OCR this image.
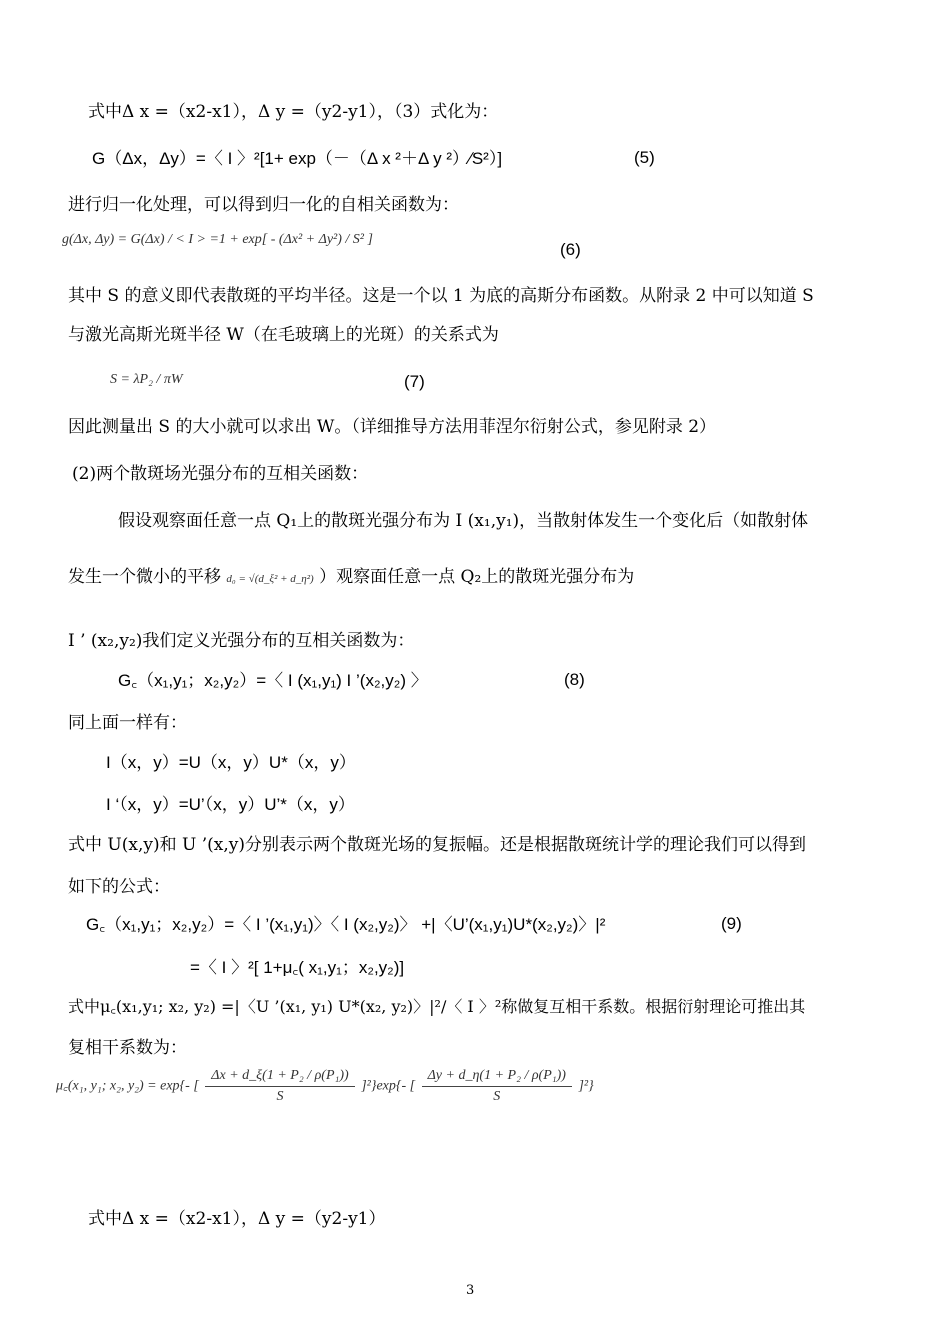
式中Δ x =（x2-x1），Δ y =（y2-y1），（3）式化为：
G（Δx，Δy）=〈 I 〉²[1+ exp（－（Δ x ²＋Δ y ²）∕S²）]	(5)
进行归一化处理，可以得到归一化的自相关函数为：
g(Δx, Δy) = G(Δx) / < I > =1 + exp[ - (Δx² + Δy²) / S² ]
(6)
其中 S 的意义即代表散斑的平均半径。这是一个以 1 为底的高斯分布函数。从附录 2 中可以知道 S
与激光高斯光斑半径 W（在毛玻璃上的光斑）的关系式为
S = λP₂ / πW	(7)
因此测量出 S 的大小就可以求出 W。（详细推导方法用菲涅尔衍射公式，参见附录 2）
(2)两个散斑场光强分布的互相关函数：
假设观察面任意一点 Q₁上的散斑光强分布为 I (x₁,y₁)，当散射体发生一个变化后（如散射体
发生一个微小的平移 d₀ = √(d_ξ² + d_η²) ）观察面任意一点 Q₂上的散斑光强分布为
I ’ (x₂,y₂)我们定义光强分布的互相关函数为：
G꜀（x₁,y₁；x₂,y₂）=〈 I (x₁,y₁) I ’(x₂,y₂) 〉	(8)
同上面一样有：
I（x，y）=U（x，y）U*（x，y）
I ‘（x，y）=U’（x，y）U’*（x，y）
式中 U(x,y)和 U ’(x,y)分别表示两个散斑光场的复振幅。还是根据散斑统计学的理论我们可以得到
如下的公式：
G꜀（x₁,y₁；x₂,y₂）=〈 I ’(x₁,y₁)〉〈 I (x₂,y₂)〉 +|〈U’(x₁,y₁)U*(x₂,y₂)〉|²	(9)
=〈 I 〉²[ 1+μ꜀( x₁,y₁；x₂,y₂)]
式中μ꜀(x₁,y₁; x₂, y₂) =|〈U ’(x₁, y₁) U*(x₂, y₂)〉|²∕〈 I 〉²称做复互相干系数。根据衍射理论可推出其
复相干系数为：
μ꜀(x₁, y₁; x₂, y₂) = exp{- [ $\frac{\text{Δx + d\_ξ(1 + P₂ / ρ(P₁))}}{S} ]^2\}\exp\{-$ [ $\frac{\text{Δy + d\_η(1 + P₂ / ρ(P₁))}}{S} ]^2$}
式中Δ x =（x2-x1），Δ y =（y2-y1）
3
